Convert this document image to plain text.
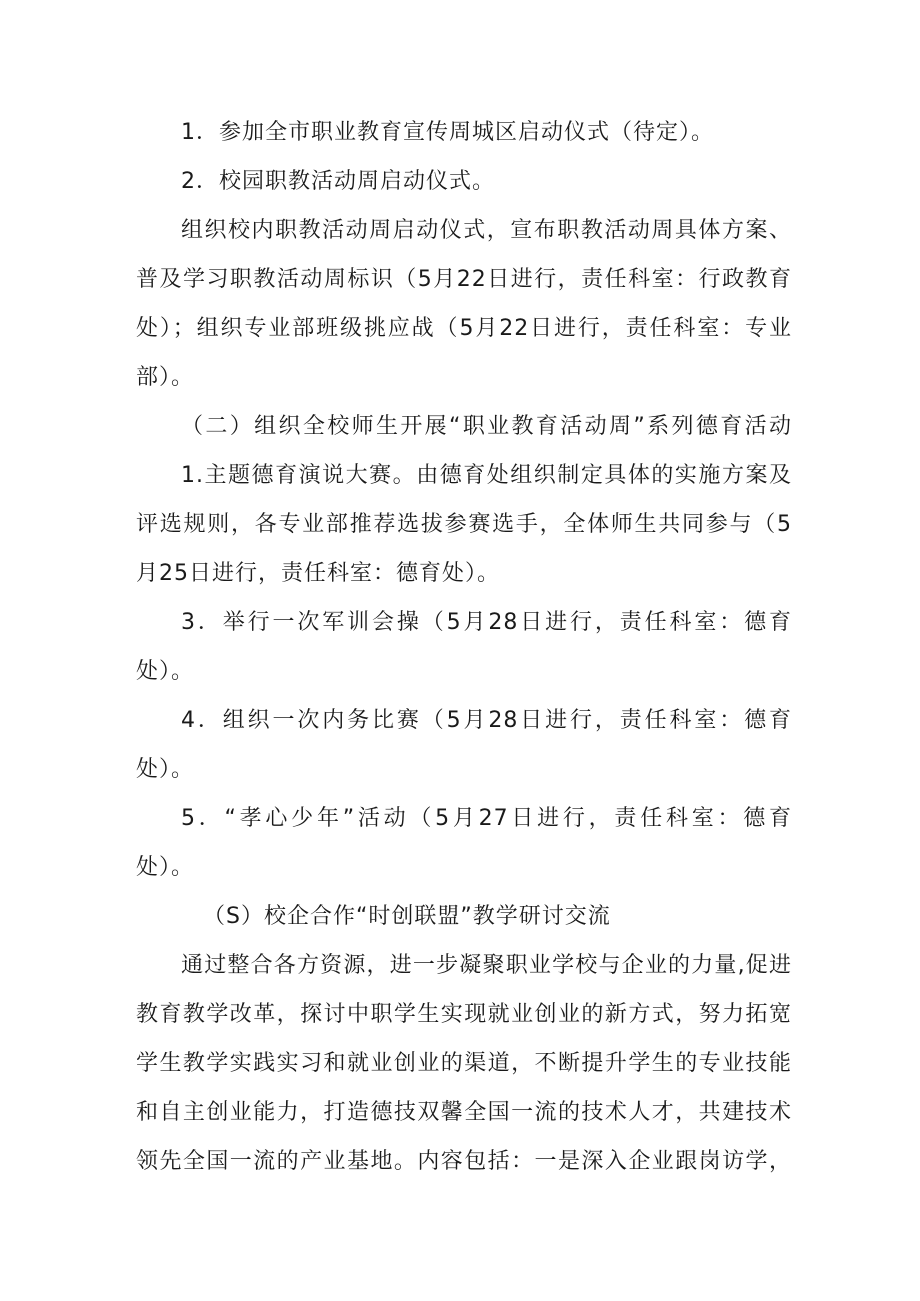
1．参加全市职业教育宣传周城区启动仪式（待定）。
2．校园职教活动周启动仪式。
组织校内职教活动周启动仪式，宣布职教活动周具体方案、
普及学习职教活动周标识（5月22日进行，责任科室：行政教育
处）；组织专业部班级挑应战（5月22日进行，责任科室：专业
部）。
（二）组织全校师生开展“职业教育活动周”系列德育活动
1.主题德育演说大赛。由德育处组织制定具体的实施方案及
评选规则，各专业部推荐选拔参赛选手，全体师生共同参与（5
月25日进行，责任科室：德育处）。
3．举行一次军训会操（5月28日进行，责任科室：德育
处）。
4．组织一次内务比赛（5月28日进行，责任科室：德育
处）。
5．“孝心少年”活动（5月27日进行，责任科室：德育
处）。
（S）校企合作“时创联盟”教学研讨交流
通过整合各方资源，进一步凝聚职业学校与企业的力量,促进
教育教学改革，探讨中职学生实现就业创业的新方式，努力拓宽
学生教学实践实习和就业创业的渠道，不断提升学生的专业技能
和自主创业能力，打造德技双馨全国一流的技术人才，共建技术
领先全国一流的产业基地。内容包括：一是深入企业跟岗访学，
